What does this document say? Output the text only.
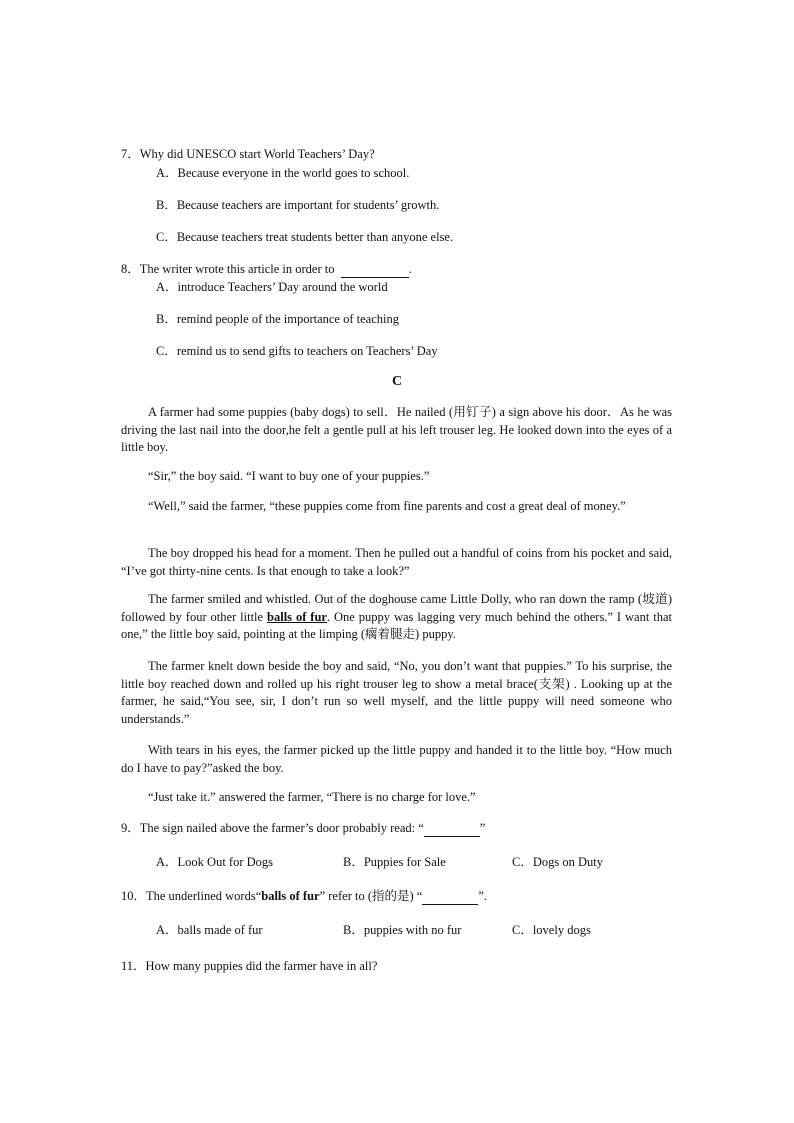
7．Why did UNESCO start World Teachers’ Day?
A．Because everyone in the world goes to school.
B．Because teachers are important for students’ growth.
C．Because teachers treat students better than anyone else.
8．The writer wrote this article in order to	.
A．introduce Teachers’ Day around the world
B．remind people of the importance of teaching
C．remind us to send gifts to teachers on Teachers’ Day
C
A farmer had some puppies (baby dogs) to sell．He nailed (用钉子) a sign above his door．As he was driving the last nail into the door,he felt a gentle pull at his left trouser leg. He looked down into the eyes of a little boy.
“Sir,” the boy said. “I want to buy one of your puppies.”
“Well,” said the farmer, “these puppies come from fine parents and cost a great deal of money.”
The boy dropped his head for a moment. Then he pulled out a handful of coins from his pocket and said, “I’ve got thirty-nine cents. Is that enough to take a look?”
The farmer smiled and whistled. Out of the doghouse came Little Dolly, who ran down the ramp (坡道) followed by four other little balls of fur. One puppy was lagging very much behind the others.” I want that one,” the little boy said, pointing at the limping (瘸着腿走) puppy.
The farmer knelt down beside the boy and said, “No, you don’t want that puppies.” To his surprise, the little boy reached down and rolled up his right trouser leg to show a metal brace(支架) . Looking up at the farmer, he said,“You see, sir, I don’t run so well myself, and the little puppy will need someone who understands.”
With tears in his eyes, the farmer picked up the little puppy and handed it to the little boy. “How much do I have to pay?”asked the boy.
“Just take it.” answered the farmer, “There is no charge for love.”
9．The sign nailed above the farmer’s door probably read: “	”
A．Look Out for Dogs	B．Puppies for Sale	C．Dogs on Duty
10．The underlined words“balls of fur” refer to (指的是) “	”.
A．balls made of fur	B．puppies with no fur	C．lovely dogs
11．How many puppies did the farmer have in all?
